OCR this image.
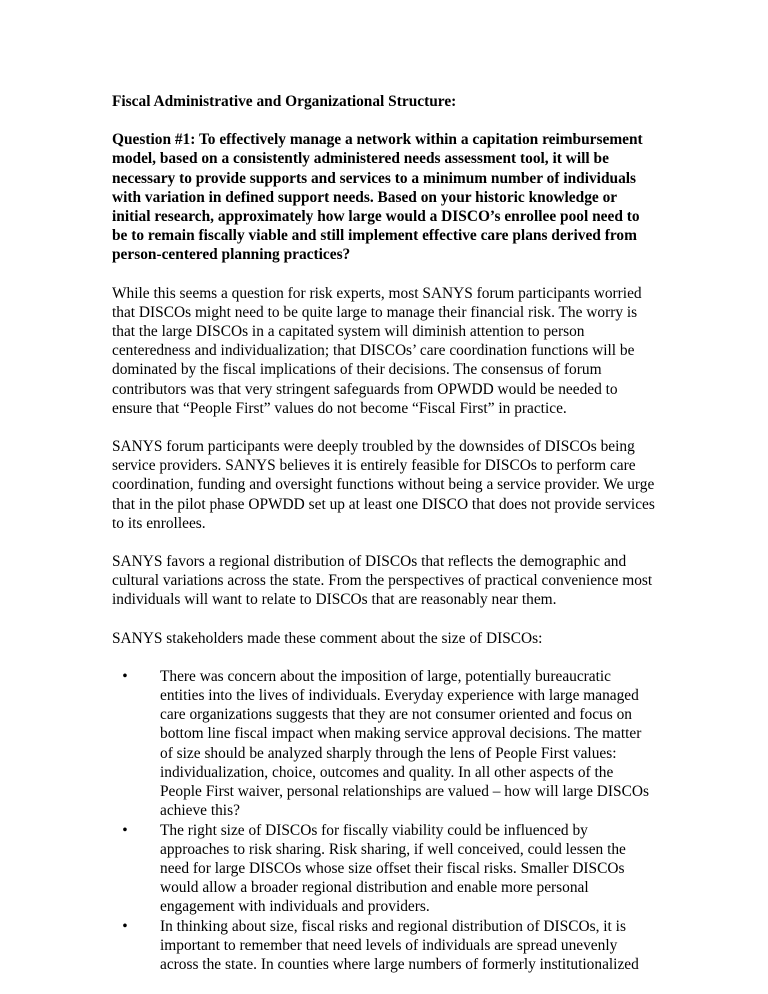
Fiscal Administrative and Organizational Structure:
Question #1: To effectively manage a network within a capitation reimbursement model, based on a consistently administered needs assessment tool, it will be necessary to provide supports and services to a minimum number of individuals with variation in defined support needs. Based on your historic knowledge or initial research, approximately how large would a DISCO’s enrollee pool need to be to remain fiscally viable and still implement effective care plans derived from person-centered planning practices?

While this seems a question for risk experts, most SANYS forum participants worried that DISCOs might need to be quite large to manage their financial risk. The worry is that the large DISCOs in a capitated system will diminish attention to person centeredness and individualization; that DISCOs’ care coordination functions will be dominated by the fiscal implications of their decisions. The consensus of forum contributors was that very stringent safeguards from OPWDD would be needed to ensure that “People First” values do not become “Fiscal First” in practice.

SANYS forum participants were deeply troubled by the downsides of DISCOs being service providers. SANYS believes it is entirely feasible for DISCOs to perform care coordination, funding and oversight functions without being a service provider. We urge that in the pilot phase OPWDD set up at least one DISCO that does not provide services to its enrollees.

SANYS favors a regional distribution of DISCOs that reflects the demographic and cultural variations across the state. From the perspectives of practical convenience most individuals will want to relate to DISCOs that are reasonably near them.

SANYS stakeholders made these comment about the size of DISCOs:

• There was concern about the imposition of large, potentially bureaucratic entities into the lives of individuals. Everyday experience with large managed care organizations suggests that they are not consumer oriented and focus on bottom line fiscal impact when making service approval decisions. The matter of size should be analyzed sharply through the lens of People First values: individualization, choice, outcomes and quality. In all other aspects of the People First waiver, personal relationships are valued – how will large DISCOs achieve this?
• The right size of DISCOs for fiscally viability could be influenced by approaches to risk sharing. Risk sharing, if well conceived, could lessen the need for large DISCOs whose size offset their fiscal risks. Smaller DISCOs would allow a broader regional distribution and enable more personal engagement with individuals and providers.
• In thinking about size, fiscal risks and regional distribution of DISCOs, it is important to remember that need levels of individuals are spread unevenly across the state. In counties where large numbers of formerly institutionalized
